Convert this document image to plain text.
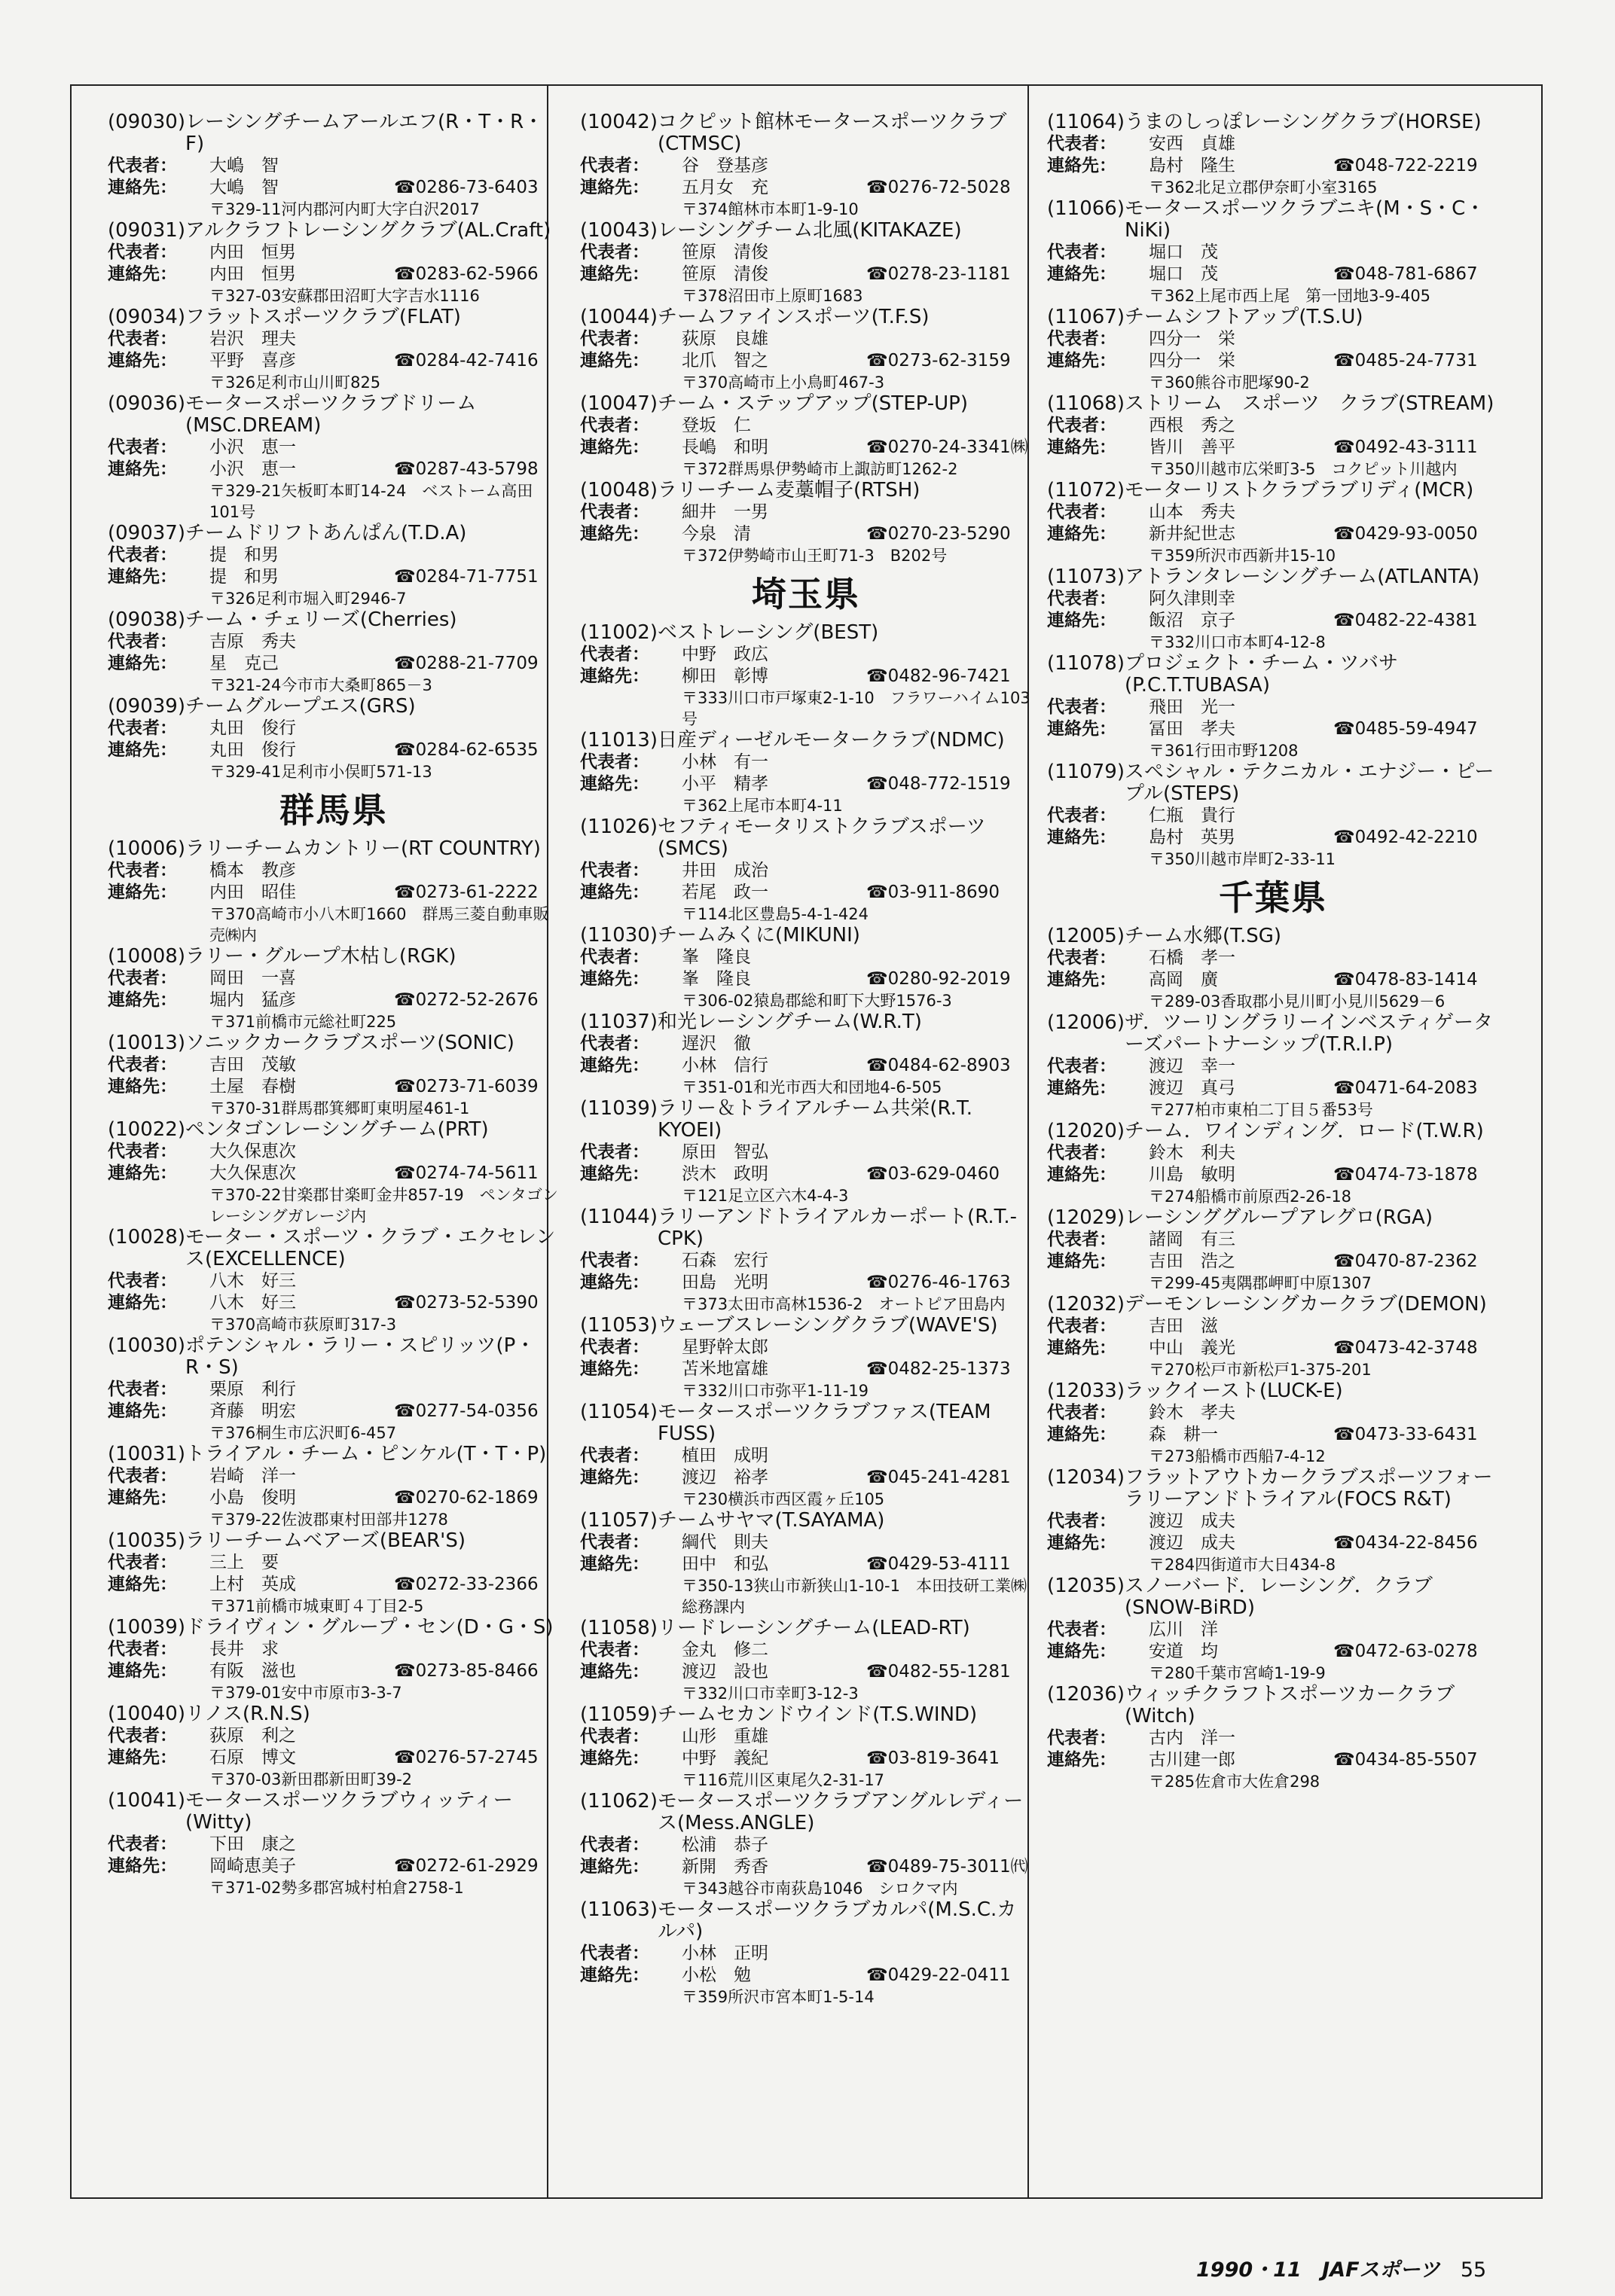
(09030) レーシングチームアールエフ(R・T・R・F)
代表者：	大嶋　智
連絡先：	大嶋　智	☎0286-73-6403
〒329-11河内郡河内町大字白沢2017
(09031) アルクラフトレーシングクラブ(AL.Craft)
代表者：	内田　恒男
連絡先：	内田　恒男	☎0283-62-5966
〒327-03安蘇郡田沼町大字吉水1116
(09034) フラットスポーツクラブ(FLAT)
代表者：	岩沢　理夫
連絡先：	平野　喜彦	☎0284-42-7416
〒326足利市山川町825
(09036) モータースポーツクラブドリーム(MSC.DREAM)
代表者：	小沢　恵一
連絡先：	小沢　恵一	☎0287-43-5798
〒329-21矢板町本町14-24　ベストーム高田101号
(09037) チームドリフトあんぱん(T.D.A)
代表者：	提　和男
連絡先：	提　和男	☎0284-71-7751
〒326足利市堀入町2946-7
(09038) チーム・チェリーズ(Cherries)
代表者：	吉原　秀夫
連絡先：	星　克己	☎0288-21-7709
〒321-24今市市大桑町865－3
(09039) チームグループエス(GRS)
代表者：	丸田　俊行
連絡先：	丸田　俊行	☎0284-62-6535
〒329-41足利市小俣町571-13
群馬県
(10006) ラリーチームカントリー(RT COUNTRY)
代表者：	橋本　教彦
連絡先：	内田　昭佳	☎0273-61-2222
〒370高崎市小八木町1660　群馬三菱自動車販売㈱内
(10008) ラリー・グループ木枯し(RGK)
代表者：	岡田　一喜
連絡先：	堀内　猛彦	☎0272-52-2676
〒371前橋市元総社町225
(10013) ソニックカークラブスポーツ(SONIC)
代表者：	吉田　茂敏
連絡先：	土屋　春樹	☎0273-71-6039
〒370-31群馬郡箕郷町東明屋461-1
(10022) ペンタゴンレーシングチーム(PRT)
代表者：	大久保恵次
連絡先：	大久保恵次	☎0274-74-5611
〒370-22甘楽郡甘楽町金井857-19　ペンタゴンレーシングガレージ内
(10028) モーター・スポーツ・クラブ・エクセレンス(EXCELLENCE)
代表者：	八木　好三
連絡先：	八木　好三	☎0273-52-5390
〒370高崎市荻原町317-3
(10030) ポテンシャル・ラリー・スピリッツ(P・R・S)
代表者：	栗原　利行
連絡先：	斉藤　明宏	☎0277-54-0356
〒376桐生市広沢町6-457
(10031) トライアル・チーム・ピンケル(T・T・P)
代表者：	岩崎　洋一
連絡先：	小島　俊明	☎0270-62-1869
〒379-22佐波郡東村田部井1278
(10035) ラリーチームベアーズ(BEAR'S)
代表者：	三上　要
連絡先：	上村　英成	☎0272-33-2366
〒371前橋市城東町４丁目2-5
(10039) ドライヴィン・グループ・セン(D・G・S)
代表者：	長井　求
連絡先：	有阪　滋也	☎0273-85-8466
〒379-01安中市原市3-3-7
(10040) リノス(R.N.S)
代表者：	荻原　利之
連絡先：	石原　博文	☎0276-57-2745
〒370-03新田郡新田町39-2
(10041) モータースポーツクラブウィッティー(Witty)
代表者：	下田　康之
連絡先：	岡崎恵美子	☎0272-61-2929
〒371-02勢多郡宮城村柏倉2758-1
(10042) コクピット館林モータースポーツクラブ(CTMSC)
代表者：	谷　登基彦
連絡先：	五月女　充	☎0276-72-5028
〒374館林市本町1-9-10
(10043) レーシングチーム北風(KITAKAZE)
代表者：	笹原　清俊
連絡先：	笹原　清俊	☎0278-23-1181
〒378沼田市上原町1683
(10044) チームファインスポーツ(T.F.S)
代表者：	荻原　良雄
連絡先：	北爪　智之	☎0273-62-3159
〒370高崎市上小鳥町467-3
(10047) チーム・ステップアップ(STEP-UP)
代表者：	登坂　仁
連絡先：	長嶋　和明	☎0270-24-3341㈱
〒372群馬県伊勢崎市上諏訪町1262-2
(10048) ラリーチーム麦藁帽子(RTSH)
代表者：	細井　一男
連絡先：	今泉　清	☎0270-23-5290
〒372伊勢崎市山王町71-3　B202号
埼玉県
(11002) ベストレーシング(BEST)
代表者：	中野　政広
連絡先：	柳田　彰博	☎0482-96-7421
〒333川口市戸塚東2-1-10　フラワーハイム103号
(11013) 日産ディーゼルモータークラブ(NDMC)
代表者：	小林　有一
連絡先：	小平　精孝	☎048-772-1519
〒362上尾市本町4-11
(11026) セフティモータリストクラブスポーツ(SMCS)
代表者：	井田　成治
連絡先：	若尾　政一	☎03-911-8690
〒114北区豊島5-4-1-424
(11030) チームみくに(MIKUNI)
代表者：	峯　隆良
連絡先：	峯　隆良	☎0280-92-2019
〒306-02猿島郡総和町下大野1576-3
(11037) 和光レーシングチーム(W.R.T)
代表者：	遅沢　徹
連絡先：	小林　信行	☎0484-62-8903
〒351-01和光市西大和団地4-6-505
(11039) ラリー＆トライアルチーム共栄(R.T. KYOEI)
代表者：	原田　智弘
連絡先：	渋木　政明	☎03-629-0460
〒121足立区六木4-4-3
(11044) ラリーアンドトライアルカーポート(R.T.-CPK)
代表者：	石森　宏行
連絡先：	田島　光明	☎0276-46-1763
〒373太田市高林1536-2　オートピア田島内
(11053) ウェーブスレーシングクラブ(WAVE'S)
代表者：	星野幹太郎
連絡先：	苫米地富雄	☎0482-25-1373
〒332川口市弥平1-11-19
(11054) モータースポーツクラブファス(TEAM　FUSS)
代表者：	植田　成明
連絡先：	渡辺　裕孝	☎045-241-4281
〒230横浜市西区霞ヶ丘105
(11057) チームサヤマ(T.SAYAMA)
代表者：	綱代　則夫
連絡先：	田中　和弘	☎0429-53-4111
〒350-13狭山市新狭山1-10-1　本田技研工業㈱総務課内
(11058) リードレーシングチーム(LEAD-RT)
代表者：	金丸　修二
連絡先：	渡辺　設也	☎0482-55-1281
〒332川口市幸町3-12-3
(11059) チームセカンドウインド(T.S.WIND)
代表者：	山形　重雄
連絡先：	中野　義紀	☎03-819-3641
〒116荒川区東尾久2-31-17
(11062) モータースポーツクラブアングルレディース(Mess.ANGLE)
代表者：	松浦　恭子
連絡先：	新開　秀香	☎0489-75-3011㈹
〒343越谷市南荻島1046　シロクマ内
(11063) モータースポーツクラブカルパ(M.S.C.カルパ)
代表者：	小林　正明
連絡先：	小松　勉	☎0429-22-0411
〒359所沢市宮本町1-5-14
(11064) うまのしっぽレーシングクラブ(HORSE)
代表者：	安西　貞雄
連絡先：	島村　隆生	☎048-722-2219
〒362北足立郡伊奈町小室3165
(11066) モータースポーツクラブニキ(M・S・C・NiKi)
代表者：	堀口　茂
連絡先：	堀口　茂	☎048-781-6867
〒362上尾市西上尾　第一団地3-9-405
(11067) チームシフトアップ(T.S.U)
代表者：	四分一　栄
連絡先：	四分一　栄	☎0485-24-7731
〒360熊谷市肥塚90-2
(11068) ストリーム　スポーツ　クラブ(STREAM)
代表者：	西根　秀之
連絡先：	皆川　善平	☎0492-43-3111
〒350川越市広栄町3-5　コクピット川越内
(11072) モーターリストクラブラブリディ(MCR)
代表者：	山本　秀夫
連絡先：	新井紀世志	☎0429-93-0050
〒359所沢市西新井15-10
(11073) アトランタレーシングチーム(ATLANTA)
代表者：	阿久津則幸
連絡先：	飯沼　京子	☎0482-22-4381
〒332川口市本町4-12-8
(11078) プロジェクト・チーム・ツバサ(P.C.T.TUBASA)
代表者：	飛田　光一
連絡先：	冨田　孝夫	☎0485-59-4947
〒361行田市野1208
(11079) スペシャル・テクニカル・エナジー・ピープル(STEPS)
代表者：	仁瓶　貴行
連絡先：	島村　英男	☎0492-42-2210
〒350川越市岸町2-33-11
千葉県
(12005) チーム水郷(T.SG)
代表者：	石橋　孝一
連絡先：	高岡　廣	☎0478-83-1414
〒289-03香取郡小見川町小見川5629－6
(12006) ザ．ツーリングラリーインベスティゲーターズパートナーシップ(T.R.I.P)
代表者：	渡辺　幸一
連絡先：	渡辺　真弓	☎0471-64-2083
〒277柏市東柏二丁目５番53号
(12020) チーム．ワインディング．ロード(T.W.R)
代表者：	鈴木　利夫
連絡先：	川島　敏明	☎0474-73-1878
〒274船橋市前原西2-26-18
(12029) レーシンググループアレグロ(RGA)
代表者：	諸岡　有三
連絡先：	吉田　浩之	☎0470-87-2362
〒299-45夷隅郡岬町中原1307
(12032) デーモンレーシングカークラブ(DEMON)
代表者：	吉田　滋
連絡先：	中山　義光	☎0473-42-3748
〒270松戸市新松戸1-375-201
(12033) ラックイースト(LUCK-E)
代表者：	鈴木　孝夫
連絡先：	森　耕一	☎0473-33-6431
〒273船橋市西船7-4-12
(12034) フラットアウトカークラブスポーツフォーラリーアンドトライアル(FOCS R&T)
代表者：	渡辺　成夫
連絡先：	渡辺　成夫	☎0434-22-8456
〒284四街道市大日434-8
(12035) スノーバード．レーシング．クラブ(SNOW-BiRD)
代表者：	広川　洋
連絡先：	安道　均	☎0472-63-0278
〒280千葉市宮崎1-19-9
(12036) ウィッチクラフトスポーツカークラブ(Witch)
代表者：	古内　洋一
連絡先：	古川建一郎	☎0434-85-5507
〒285佐倉市大佐倉298
1990・11 JAFスポーツ 55
